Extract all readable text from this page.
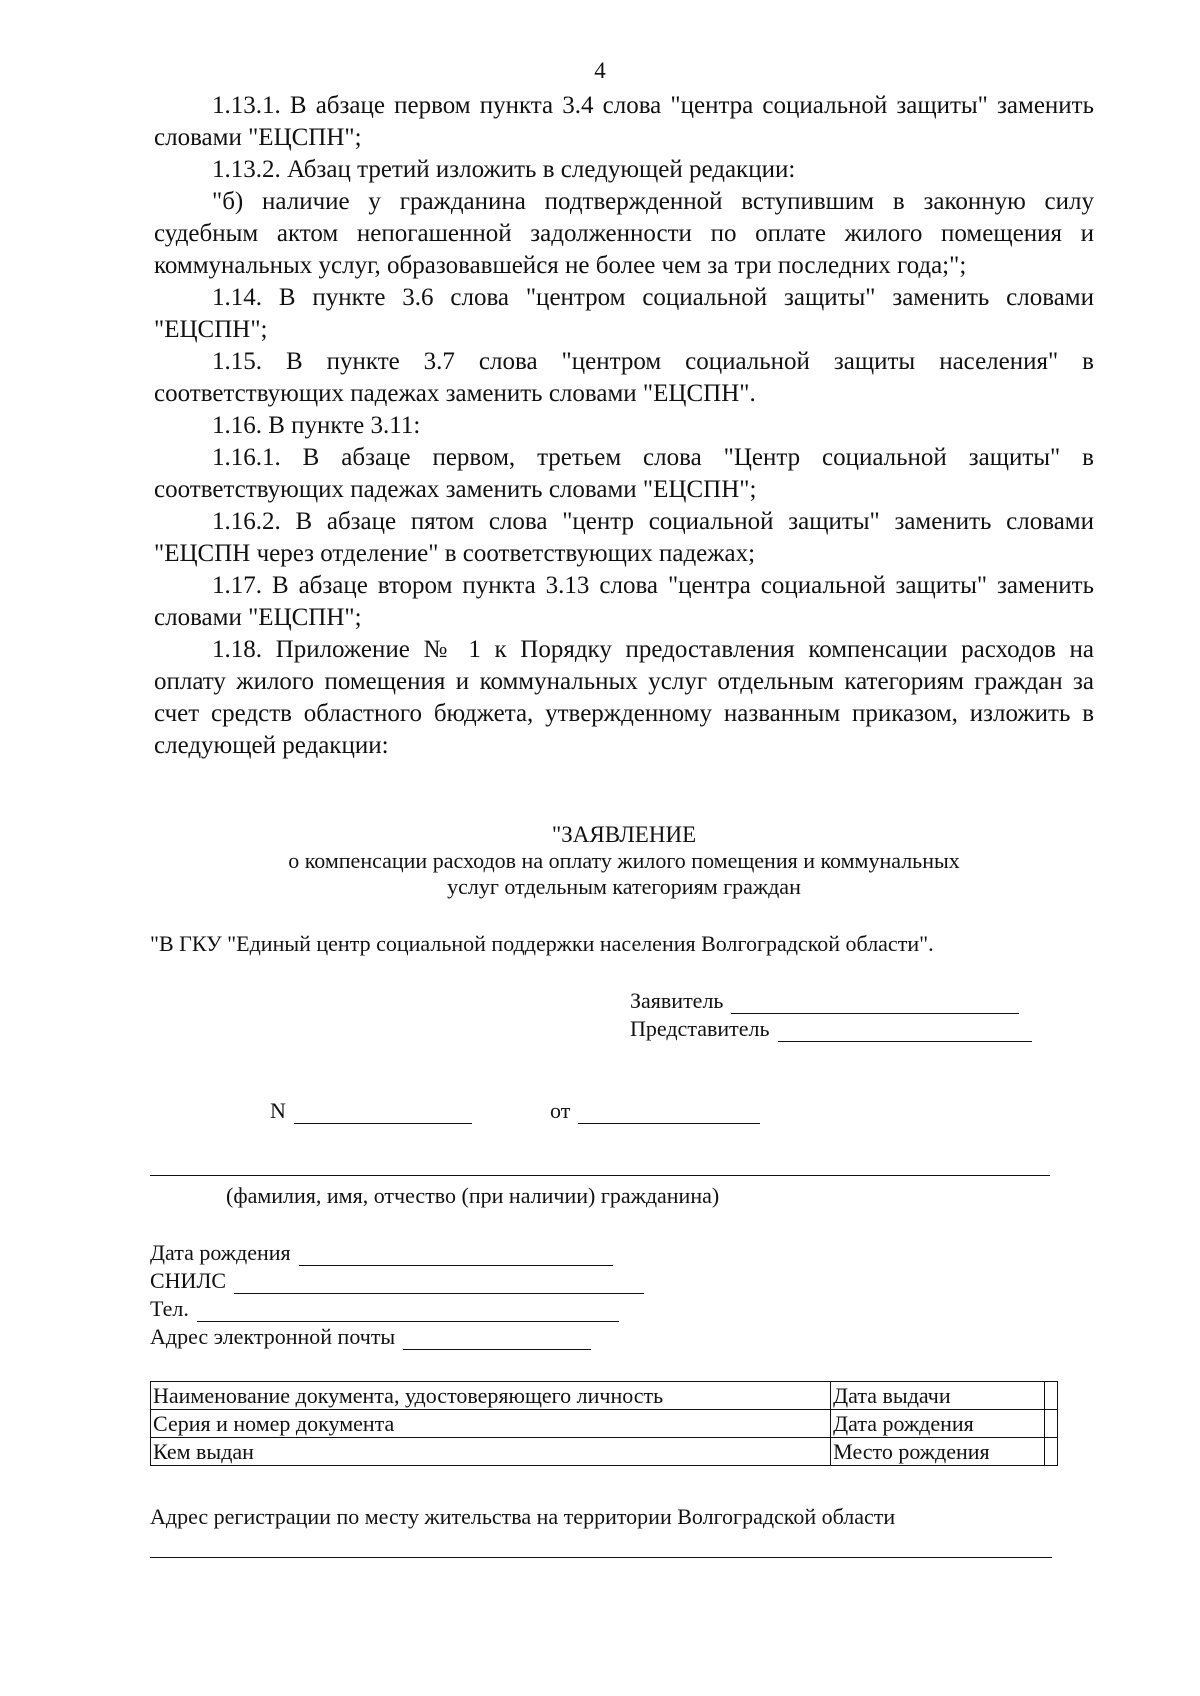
4

1.13.1. В абзаце первом пункта 3.4 слова "центра социальной защиты" заменить словами "ЕЦСПН";

1.13.2. Абзац третий изложить в следующей редакции:

"б) наличие у гражданина подтвержденной вступившим в законную силу судебным актом непогашенной задолженности по оплате жилого помещения и коммунальных услуг, образовавшейся не более чем за три последних года;";

1.14. В пункте 3.6 слова "центром социальной защиты" заменить словами "ЕЦСПН";

1.15. В пункте 3.7 слова "центром социальной защиты населения" в соответствующих падежах заменить словами "ЕЦСПН".

1.16. В пункте 3.11:

1.16.1. В абзаце первом, третьем слова "Центр социальной защиты" в соответствующих падежах заменить словами "ЕЦСПН";

1.16.2. В абзаце пятом слова "центр социальной защиты" заменить словами "ЕЦСПН через отделение" в соответствующих падежах;

1.17. В абзаце втором пункта 3.13 слова "центра социальной защиты" заменить словами "ЕЦСПН";

1.18. Приложение № 1 к Порядку предоставления компенсации расходов на оплату жилого помещения и коммунальных услуг отдельным категориям граждан за счет средств областного бюджета, утвержденному названным приказом, изложить в следующей редакции:

"ЗАЯВЛЕНИЕ
о компенсации расходов на оплату жилого помещения и коммунальных
услуг отдельным категориям граждан
"В ГКУ "Единый центр социальной поддержки населения Волгоградской области".
Заявитель
Представитель
N	от
(фамилия, имя, отчество (при наличии) гражданина)
Дата рождения
СНИЛС
Тел.
Адрес электронной почты
Наименование документа, удостоверяющего личность	Дата выдачи	
Серия и номер документа	Дата рождения	
Кем выдан	Место рождения	
Адрес регистрации по месту жительства на территории Волгоградской области
